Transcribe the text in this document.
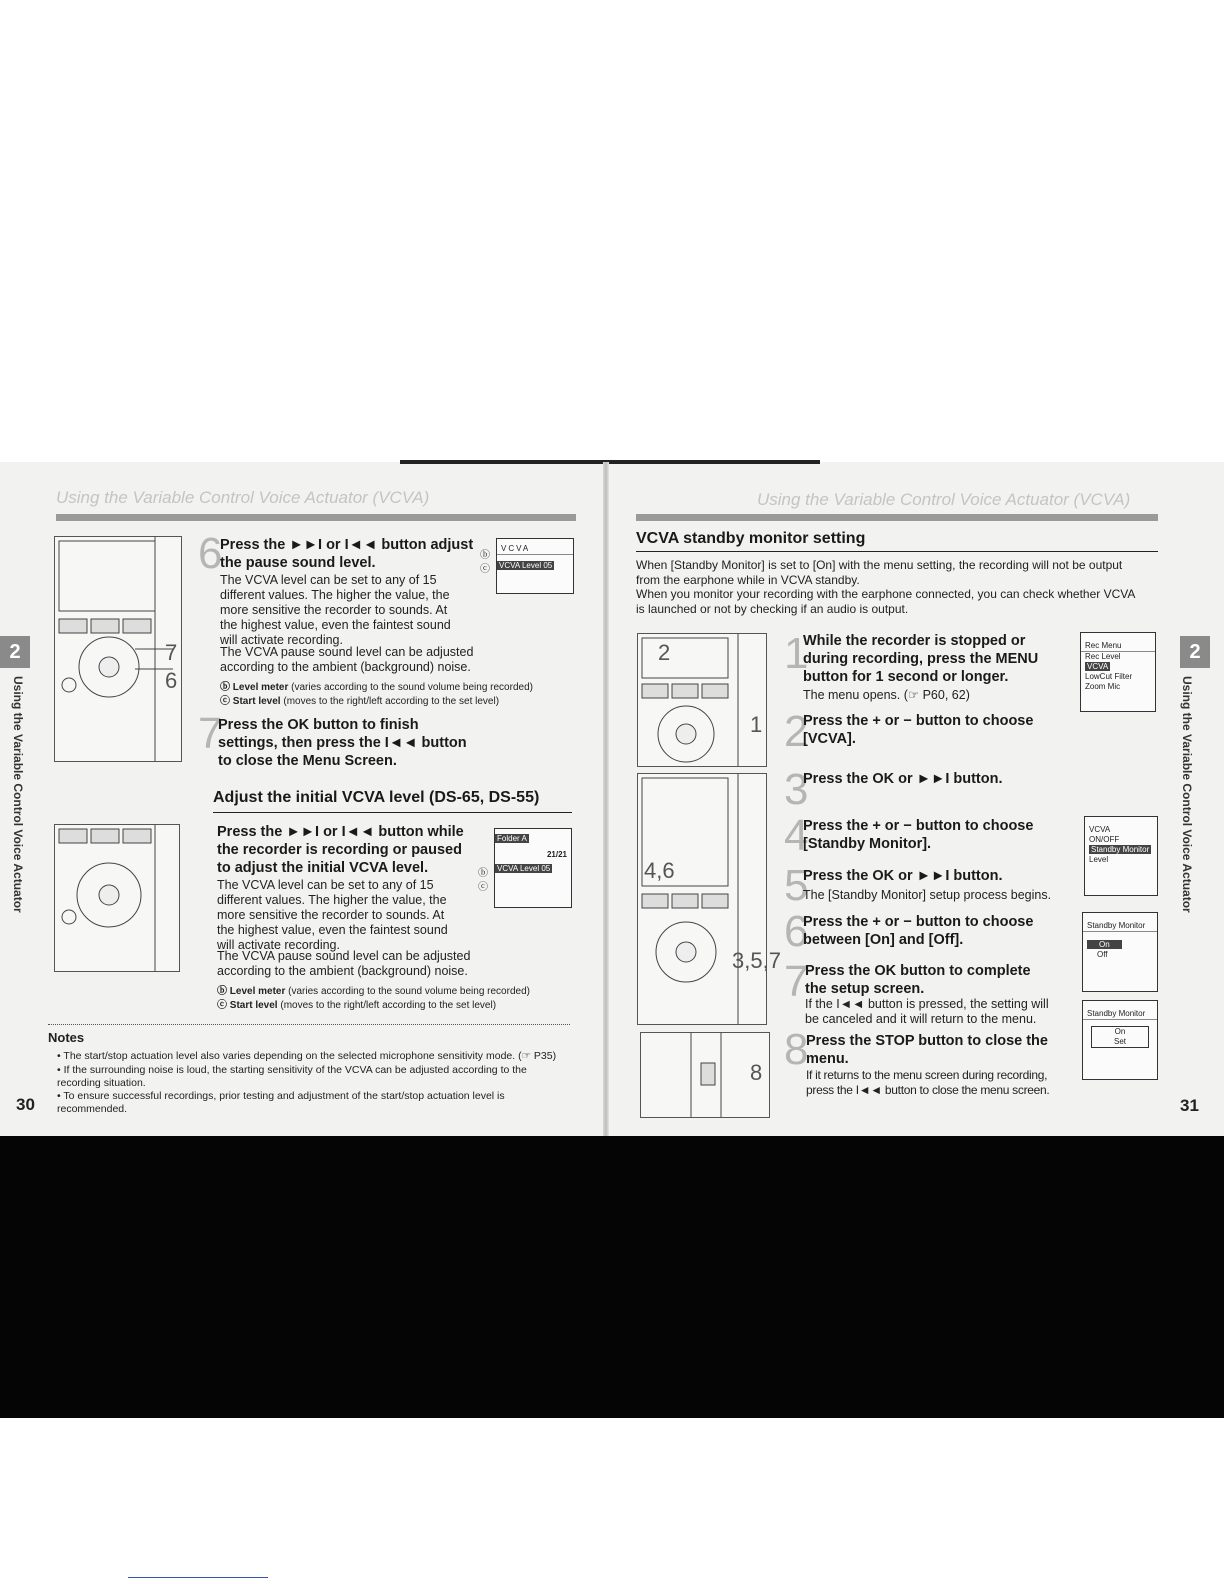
Using the Variable Control Voice Actuator (VCVA)
2
Using the Variable Control Voice Actuator
30
7
6
6
Press the ►►I or I◄◄ button adjust the pause sound level.
The VCVA level can be set to any of 15 different values. The higher the value, the more sensitive the recorder to sounds. At the highest value, even the faintest sound will activate recording.
The VCVA pause sound level can be adjusted according to the ambient (background) noise.
ⓑ Level meter (varies according to the sound volume being recorded)
ⓒ Start level (moves to the right/left according to the set level)
VCVA
VCVA Level 05
ⓑ
ⓒ
7
Press the OK button to finish settings, then press the I◄◄ button to close the Menu Screen.
Adjust the initial VCVA level (DS-65, DS-55)
Press the ►►I or I◄◄ button while the recorder is recording or paused to adjust the initial VCVA level.
The VCVA level can be set to any of 15 different values. The higher the value, the more sensitive the recorder to sounds. At the highest value, even the faintest sound will activate recording.
The VCVA pause sound level can be adjusted according to the ambient (background) noise.
ⓑ Level meter (varies according to the sound volume being recorded)
ⓒ Start level (moves to the right/left according to the set level)
Folder A
21/21
VCVA Level 05
ⓑ
ⓒ
Notes
• The start/stop actuation level also varies depending on the selected microphone sensitivity mode. (☞ P35)
• If the surrounding noise is loud, the starting sensitivity of the VCVA can be adjusted according to the recording situation.
• To ensure successful recordings, prior testing and adjustment of the start/stop actuation level is recommended.
Using the Variable Control Voice Actuator (VCVA)
2
Using the Variable Control Voice Actuator
31
VCVA standby monitor setting
When [Standby Monitor] is set to [On] with the menu setting, the recording will not be output from the earphone while in VCVA standby.
When you monitor your recording with the earphone connected, you can check whether VCVA is launched or not by checking if an audio is output.
2
1
4,6
3,5,7
8
1
While the recorder is stopped or during recording, press the MENU button for 1 second or longer.
The menu opens. (☞ P60, 62)
2
Press the + or − button to choose [VCVA].
3
Press the OK or ►►I button.
4
Press the + or − button to choose [Standby Monitor].
5
Press the OK or ►►I button.
The [Standby Monitor] setup process begins.
6
Press the + or − button to choose between [On] and [Off].
7
Press the OK button to complete the setup screen.
If the I◄◄ button is pressed, the setting will be canceled and it will return to the menu.
8
Press the STOP button to close the menu.
If it returns to the menu screen during recording, press the I◄◄ button to close the menu screen.
Rec Menu
Rec Level
VCVA
LowCut Filter
Zoom Mic
VCVA
ON/OFF
Standby Monitor
Level
Standby Monitor
On
Off
Standby Monitor
On
Set
